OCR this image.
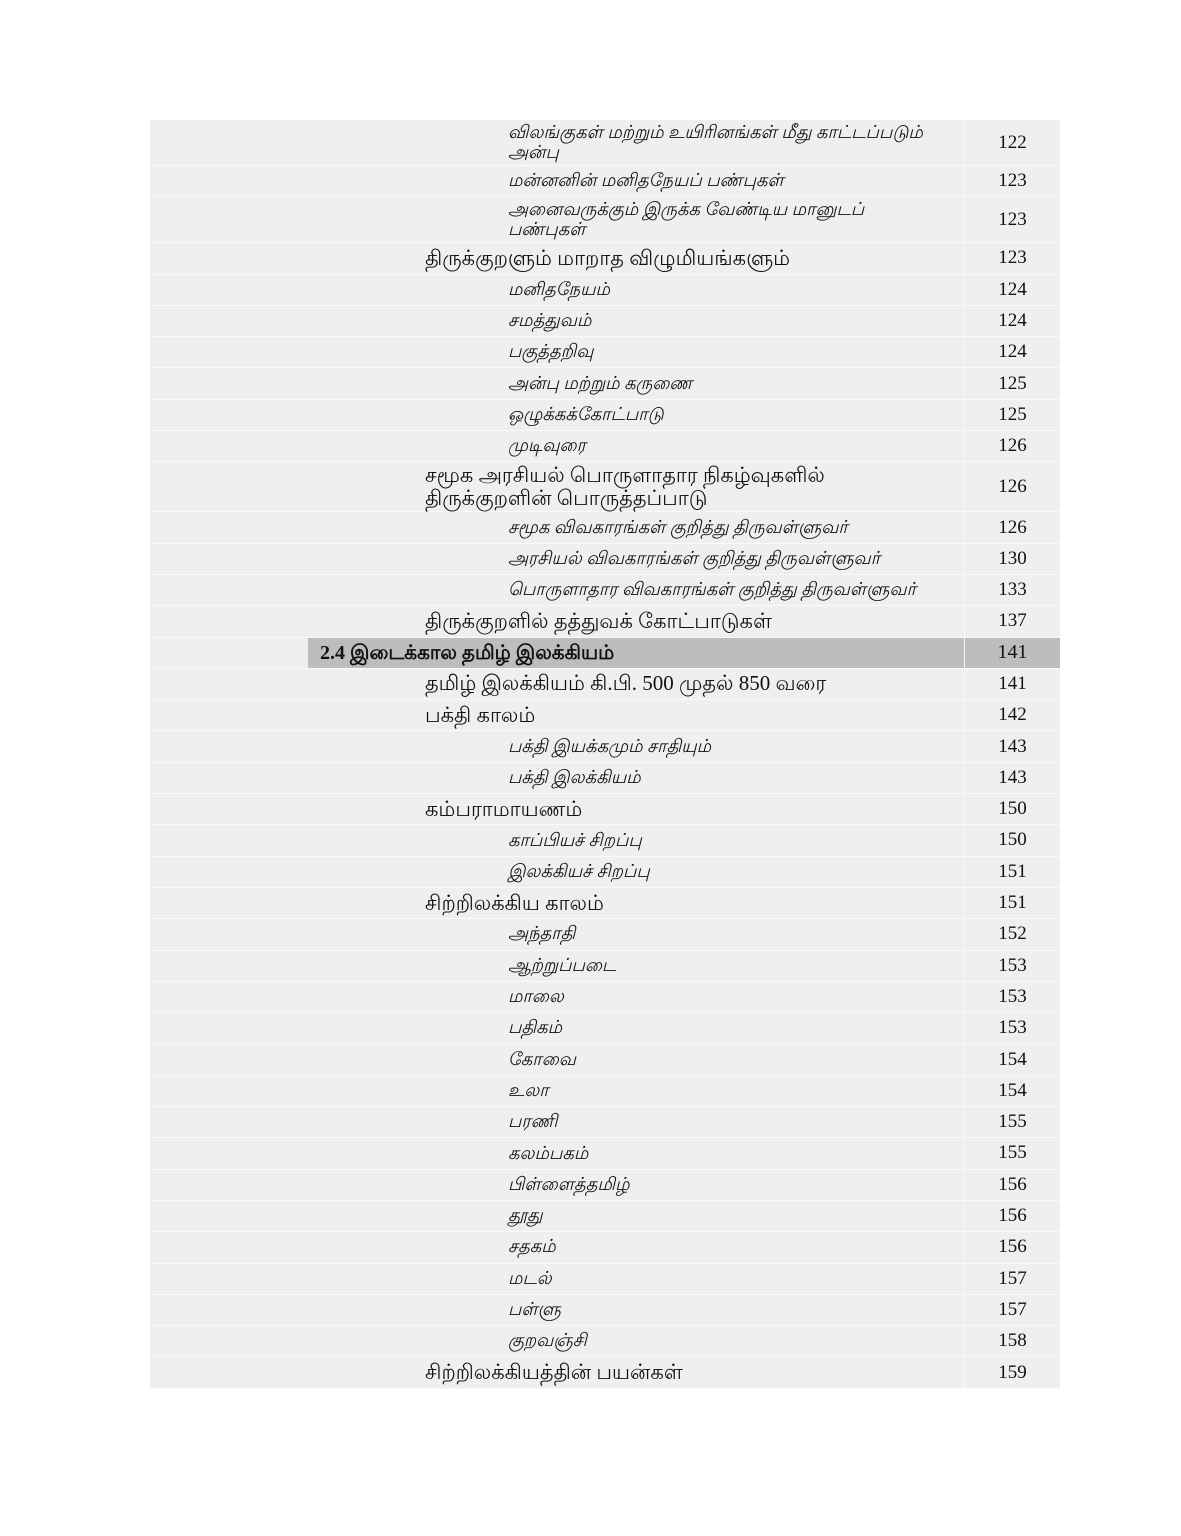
விலங்குகள் மற்றும் உயிரினங்கள் மீது காட்டப்படும் அன்பு	122
மன்னனின் மனிதநேயப் பண்புகள்	123
அனைவருக்கும் இருக்க வேண்டிய மானுடப் பண்புகள்	123
திருக்குறளும் மாறாத விழுமியங்களும்	123
மனிதநேயம்	124
சமத்துவம்	124
பகுத்தறிவு	124
அன்பு மற்றும் கருணை	125
ஒழுக்கக்கோட்பாடு	125
முடிவுரை	126
சமூக அரசியல் பொருளாதார நிகழ்வுகளில் திருக்குறளின் பொருத்தப்பாடு	126
சமூக விவகாரங்கள் குறித்து திருவள்ளுவர்	126
அரசியல் விவகாரங்கள் குறித்து திருவள்ளுவர்	130
பொருளாதார விவகாரங்கள் குறித்து திருவள்ளுவர்	133
திருக்குறளில் தத்துவக் கோட்பாடுகள்	137
2.4 இடைக்கால தமிழ் இலக்கியம்	141
தமிழ் இலக்கியம் கி.பி. 500 முதல் 850 வரை	141
பக்தி காலம்	142
பக்தி இயக்கமும் சாதியும்	143
பக்தி இலக்கியம்	143
கம்பராமாயணம்	150
காப்பியச் சிறப்பு	150
இலக்கியச் சிறப்பு	151
சிற்றிலக்கிய காலம்	151
அந்தாதி	152
ஆற்றுப்படை	153
மாலை	153
பதிகம்	153
கோவை	154
உலா	154
பரணி	155
கலம்பகம்	155
பிள்ளைத்தமிழ்	156
தூது	156
சதகம்	156
மடல்	157
பள்ளு	157
குறவஞ்சி	158
சிற்றிலக்கியத்தின் பயன்கள்	159
